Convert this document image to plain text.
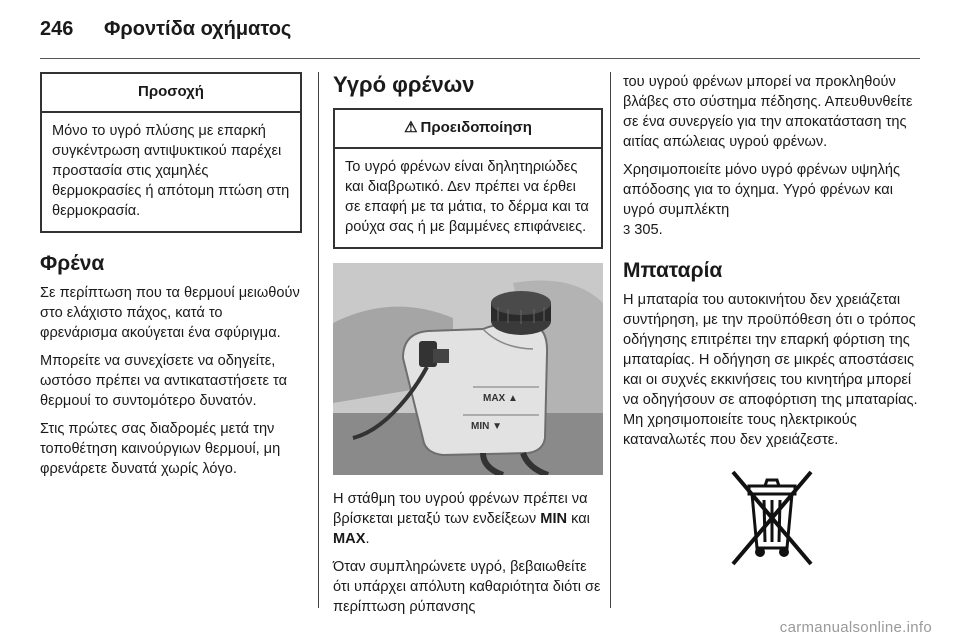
246	Φροντίδα οχήματος
Προσοχή
Μόνο το υγρό πλύσης με επαρκή συγκέντρωση αντιψυκτικού παρέχει προστασία στις χαμηλές θερμοκρασίες ή απότομη πτώση στη θερμοκρασία.
Φρένα

Σε περίπτωση που τα θερμουί μειωθούν στο ελάχιστο πάχος, κατά το φρενάρισμα ακούγεται ένα σφύριγμα.

Μπορείτε να συνεχίσετε να οδηγείτε, ωστόσο πρέπει να αντικαταστήσετε τα θερμουί το συντομότερο δυνατόν.

Στις πρώτες σας διαδρομές μετά την τοποθέτηση καινούργιων θερμουί, μη φρενάρετε δυνατά χωρίς λόγο.

Υγρό φρένων
⚠ Προειδοποίηση
Το υγρό φρένων είναι δηλητηριώδες και διαβρωτικό. Δεν πρέπει να έρθει σε επαφή με τα μάτια, το δέρμα και τα ρούχα σας ή με βαμμένες επιφάνειες.
MAX ▲
MIN ▼

Η στάθμη του υγρού φρένων πρέπει να βρίσκεται μεταξύ των ενδείξεων MIN και MAX.

Όταν συμπληρώνετε υγρό, βεβαιωθείτε ότι υπάρχει απόλυτη καθαριότητα διότι σε περίπτωση ρύπανσης

του υγρού φρένων μπορεί να προκληθούν βλάβες στο σύστημα πέδησης. Απευθυνθείτε σε ένα συνεργείο για την αποκατάσταση της αιτίας απώλειας υγρού φρένων.

Χρησιμοποιείτε μόνο υγρό φρένων υψηλής απόδοσης για το όχημα. Υγρό φρένων και υγρό συμπλέκτη
3 305.

Μπαταρία

Η μπαταρία του αυτοκινήτου δεν χρειάζεται συντήρηση, με την προϋπόθεση ότι ο τρόπος οδήγησης επιτρέπει την επαρκή φόρτιση της μπαταρίας. Η οδήγηση σε μικρές αποστάσεις και οι συχνές εκκινήσεις του κινητήρα μπορεί να οδηγήσουν σε αποφόρτιση της μπαταρίας. Μη χρησιμοποιείτε τους ηλεκτρικούς καταναλωτές που δεν χρειάζεστε.

carmanualsonline.info
